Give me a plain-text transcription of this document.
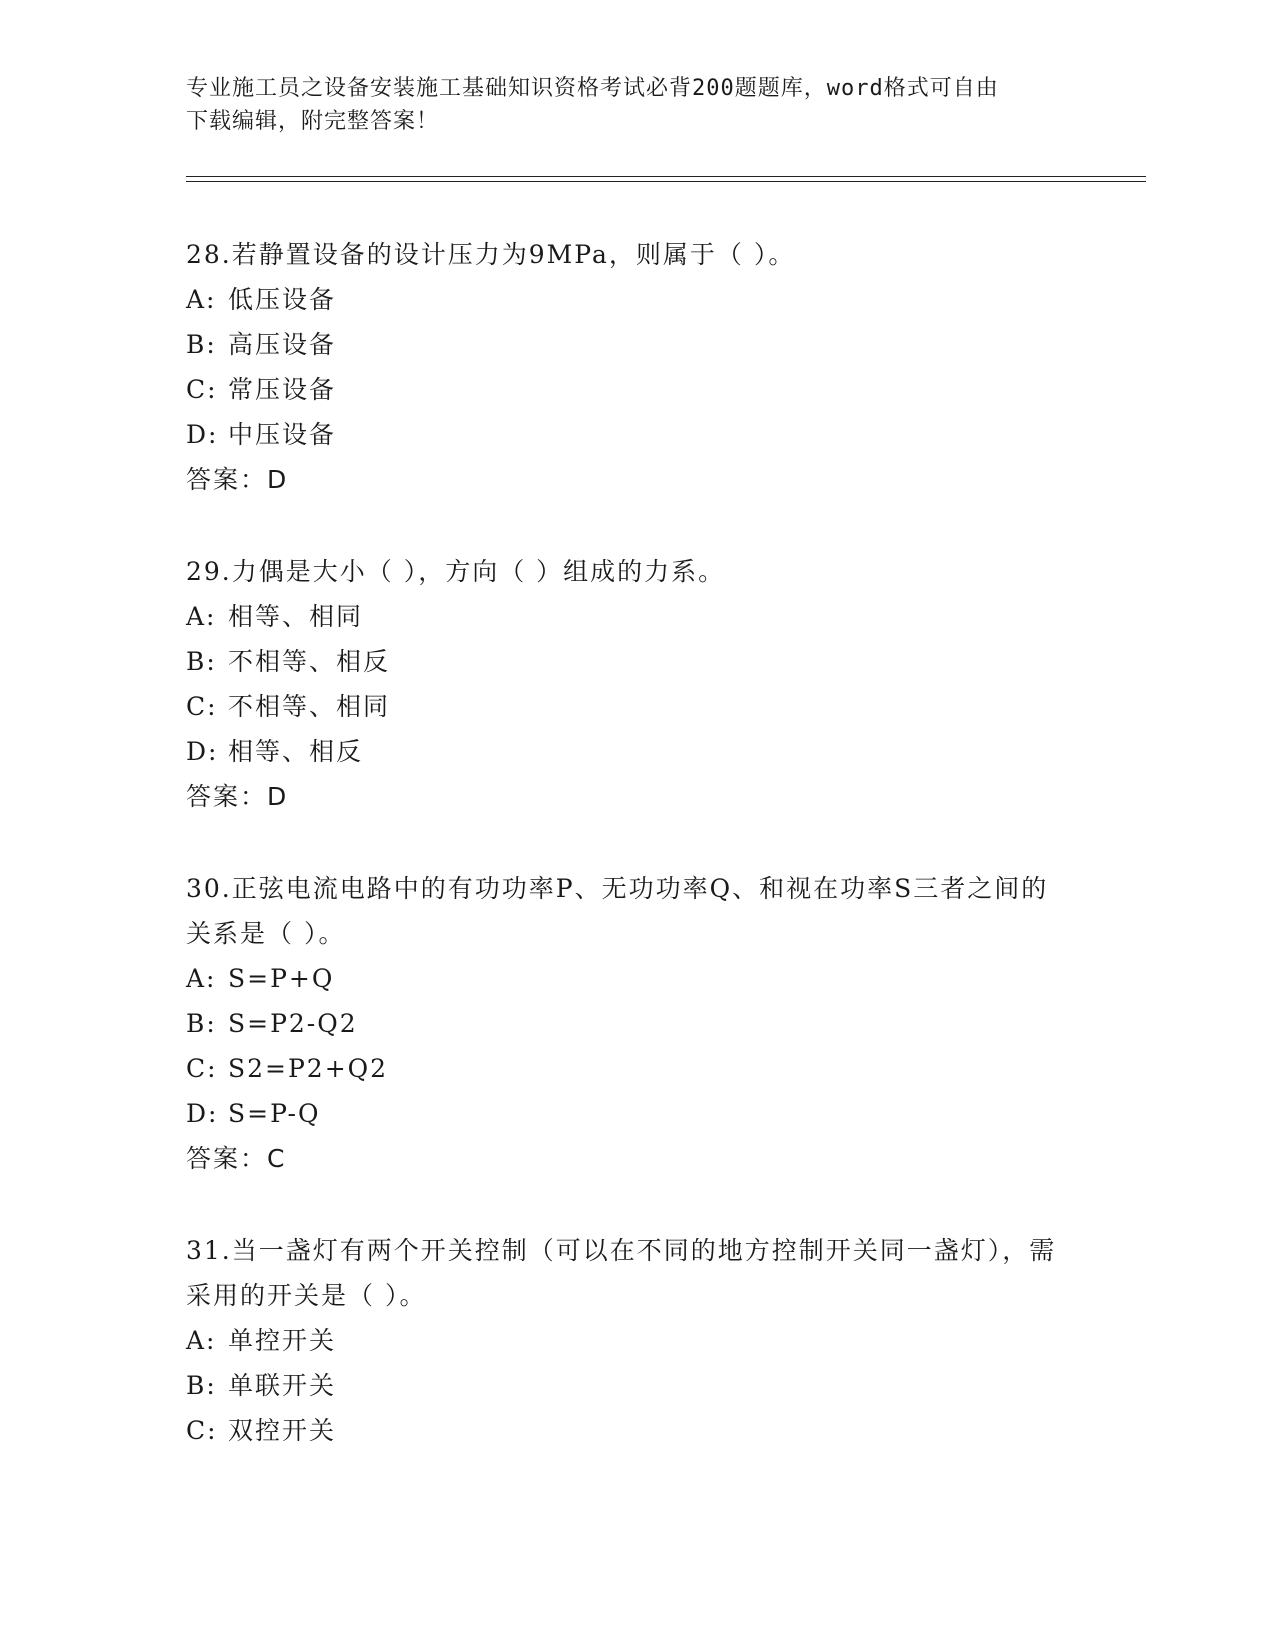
专业施工员之设备安装施工基础知识资格考试必背200题题库，word格式可自由
下载编辑，附完整答案！

28.若静置设备的设计压力为9MPa，则属于（ ）。

A: 低压设备
B: 高压设备
C: 常压设备
D: 中压设备
答案：D

29.力偶是大小（ ），方向（ ）组成的力系。

A: 相等、相同
B: 不相等、相反
C: 不相等、相同
D: 相等、相反
答案：D

30.正弦电流电路中的有功功率P、无功功率Q、和视在功率S三者之间的关系是（ ）。

A: S=P+Q
B: S=P2-Q2
C: S2=P2+Q2
D: S=P-Q
答案：C

31.当一盏灯有两个开关控制（可以在不同的地方控制开关同一盏灯），需采用的开关是（ ）。

A: 单控开关
B: 单联开关
C: 双控开关
